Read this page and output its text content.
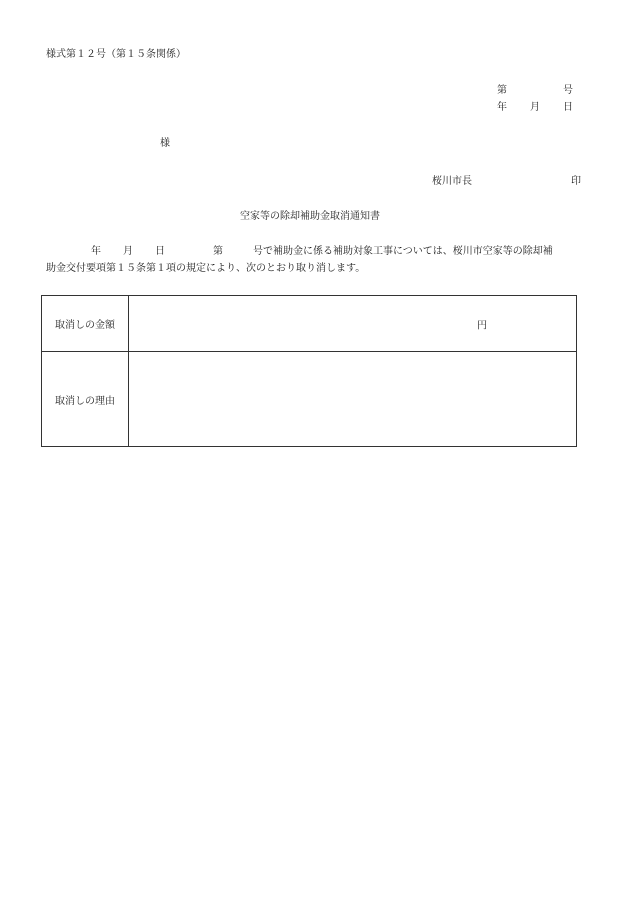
様式第１２号（第１５条関係）
第	号
年 月 日
様
桜川市長	印
空家等の除却補助金取消通知書
年 月 日	第	号で補助金に係る補助対象工事については、桜川市空家等の除却補
助金交付要項第１５条第１項の規定により、次のとおり取り消します。
取消しの金額	円

取消しの理由	
